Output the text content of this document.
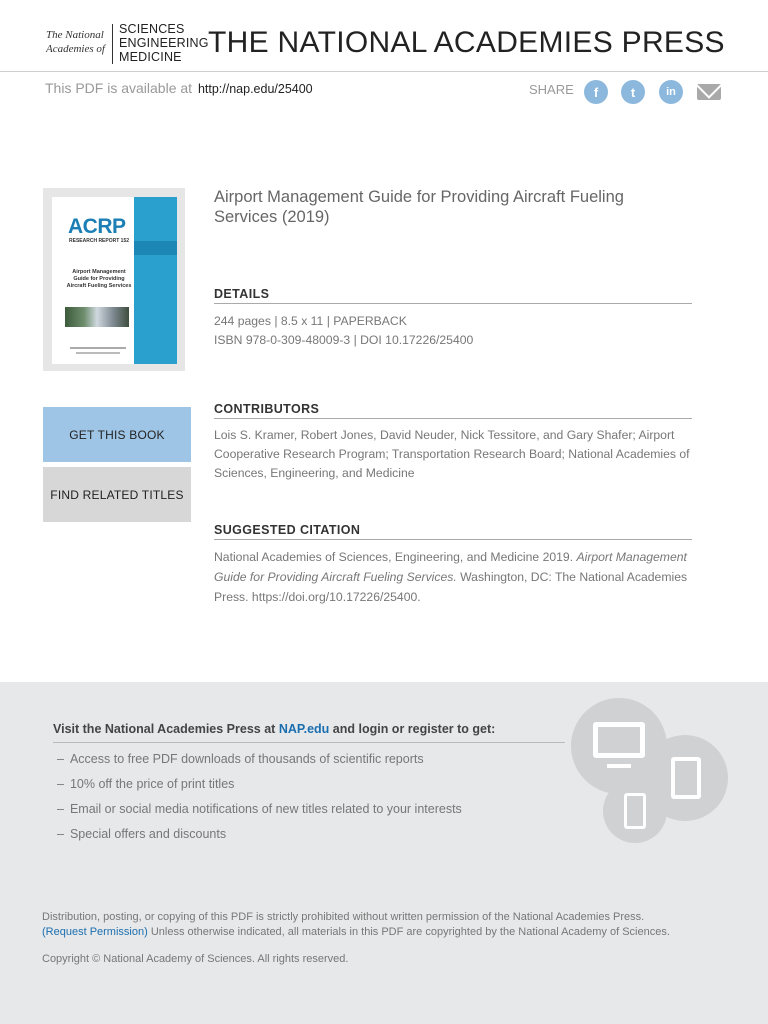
The National
Academies of
SCIENCES
ENGINEERING
MEDICINE THE NATIONAL ACADEMIES PRESS
This PDF is available at http://nap.edu/25400	SHARE	f	t	in
ACRP
RESEARCH REPORT 152
Airport Management Guide for Providing Aircraft Fueling Services
Airport Management Guide for Providing Aircraft Fueling Services (2019)
DETAILS
244 pages | 8.5 x 11 | PAPERBACK
ISBN 978-0-309-48009-3 | DOI 10.17226/25400
CONTRIBUTORS
Lois S. Kramer, Robert Jones, David Neuder, Nick Tessitore, and Gary Shafer; Airport Cooperative Research Program; Transportation Research Board; National Academies of Sciences, Engineering, and Medicine
SUGGESTED CITATION
National Academies of Sciences, Engineering, and Medicine 2019. Airport Management Guide for Providing Aircraft Fueling Services. Washington, DC: The National Academies Press. https://doi.org/10.17226/25400.
GET THIS BOOK
FIND RELATED TITLES
Visit the National Academies Press at NAP.edu and login or register to get:
– Access to free PDF downloads of thousands of scientific reports
– 10% off the price of print titles
– Email or social media notifications of new titles related to your interests
– Special offers and discounts
Distribution, posting, or copying of this PDF is strictly prohibited without written permission of the National Academies Press.
(Request Permission) Unless otherwise indicated, all materials in this PDF are copyrighted by the National Academy of Sciences.
Copyright © National Academy of Sciences. All rights reserved.
